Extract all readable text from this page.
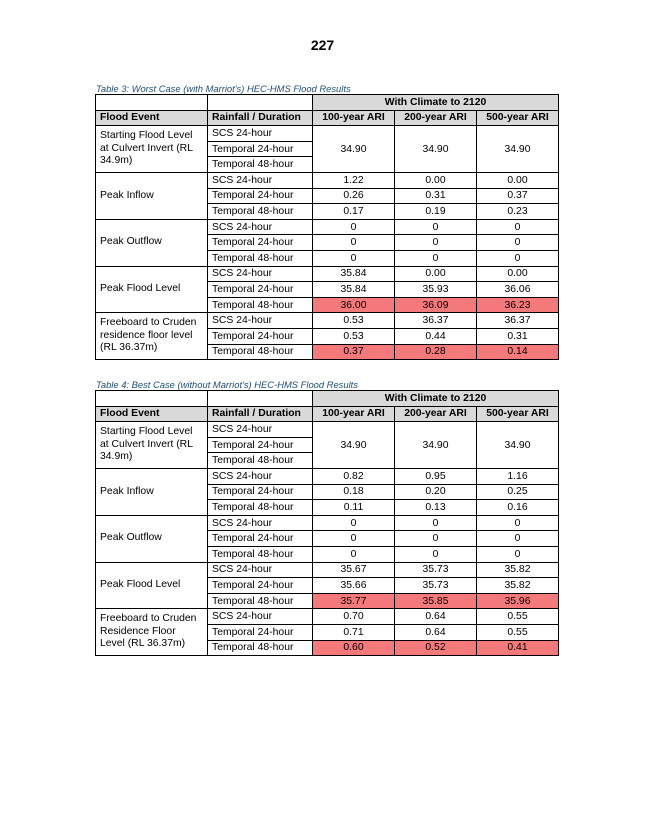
227
Table 3: Worst Case (with Marriot's) HEC-HMS Flood Results
		With Climate to 2120		
Flood Event	Rainfall / Duration	100-year ARI	200-year ARI	500-year ARI
Starting Flood Level at Culvert Invert (RL 34.9m)	SCS 24-hour	34.90	34.90	34.90
	Temporal 24-hour			
	Temporal 48-hour			
Peak Inflow	SCS 24-hour	1.22	0.00	0.00
	Temporal 24-hour	0.26	0.31	0.37
	Temporal 48-hour	0.17	0.19	0.23
Peak Outflow	SCS 24-hour	0	0	0
	Temporal 24-hour	0	0	0
	Temporal 48-hour	0	0	0
Peak Flood Level	SCS 24-hour	35.84	0.00	0.00
	Temporal 24-hour	35.84	35.93	36.06
	Temporal 48-hour	36.00	36.09	36.23
Freeboard to Cruden residence floor level (RL 36.37m)	SCS 24-hour	0.53	36.37	36.37
	Temporal 24-hour	0.53	0.44	0.31
	Temporal 48-hour	0.37	0.28	0.14
Table 4: Best Case (without Marriot's) HEC-HMS Flood Results
		With Climate to 2120		
Flood Event	Rainfall / Duration	100-year ARI	200-year ARI	500-year ARI
Starting Flood Level at Culvert Invert (RL 34.9m)	SCS 24-hour	34.90	34.90	34.90
	Temporal 24-hour			
	Temporal 48-hour			
Peak Inflow	SCS 24-hour	0.82	0.95	1.16
	Temporal 24-hour	0.18	0.20	0.25
	Temporal 48-hour	0.11	0.13	0.16
Peak Outflow	SCS 24-hour	0	0	0
	Temporal 24-hour	0	0	0
	Temporal 48-hour	0	0	0
Peak Flood Level	SCS 24-hour	35.67	35.73	35.82
	Temporal 24-hour	35.66	35.73	35.82
	Temporal 48-hour	35.77	35.85	35.96
Freeboard to Cruden Residence Floor Level (RL 36.37m)	SCS 24-hour	0.70	0.64	0.55
	Temporal 24-hour	0.71	0.64	0.55
	Temporal 48-hour	0.60	0.52	0.41
